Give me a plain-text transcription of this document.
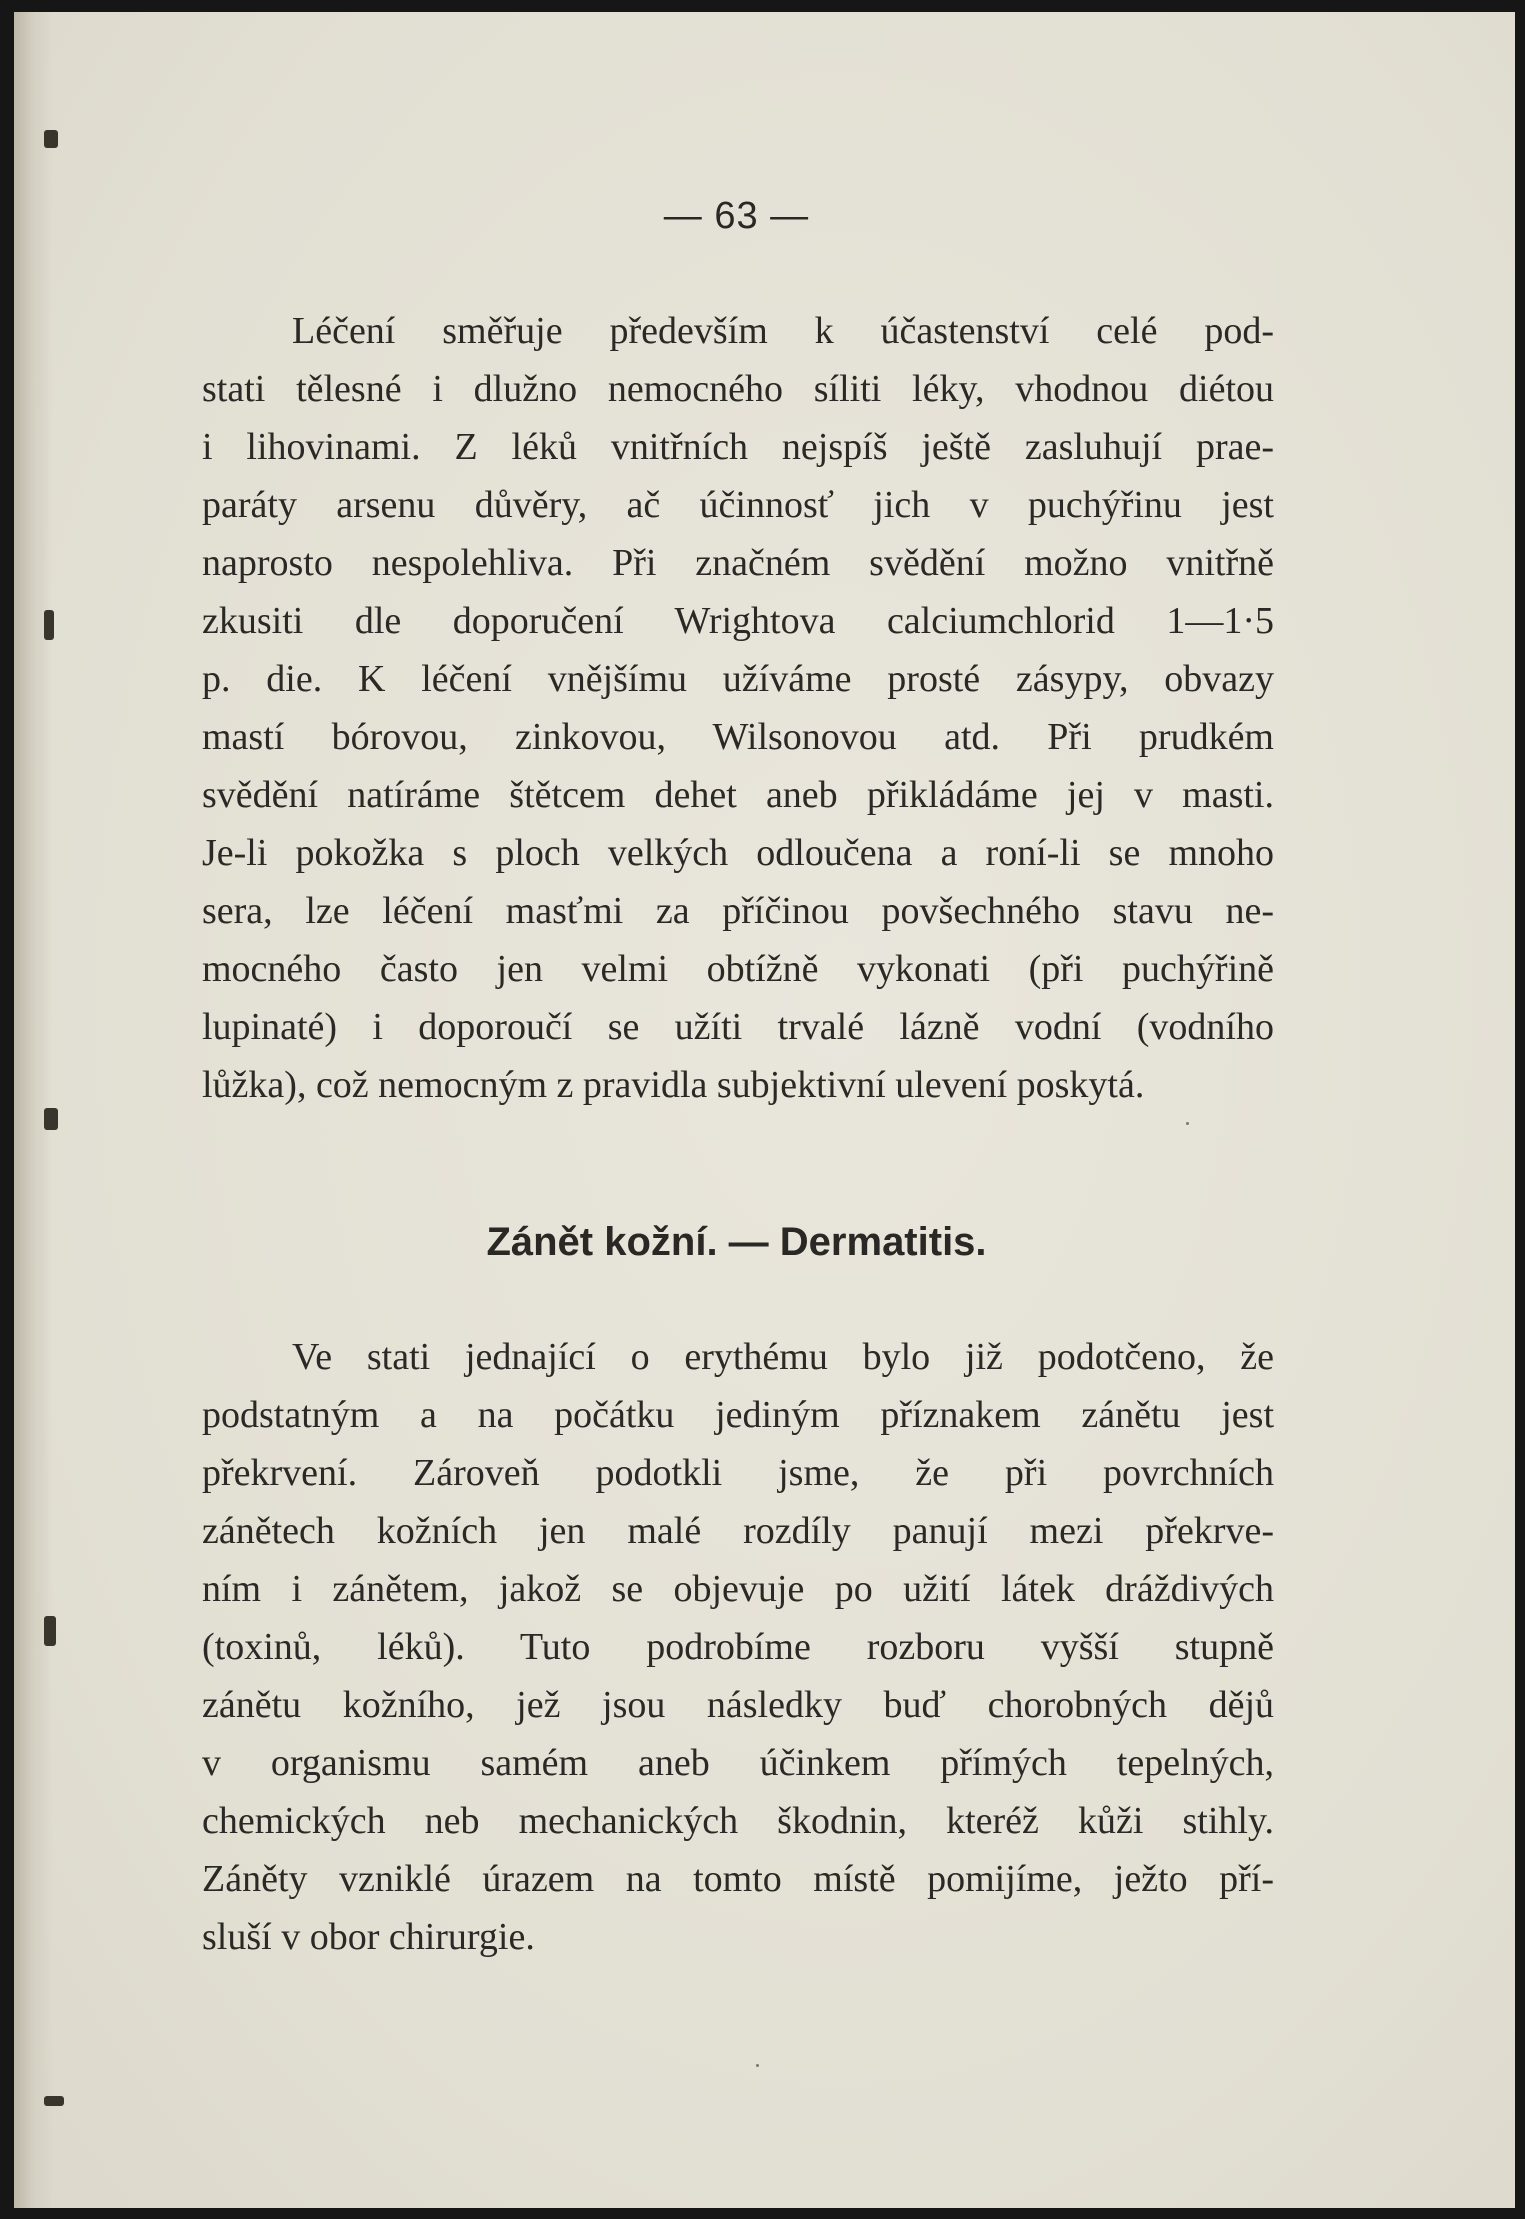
— 63 —
Léčení směřuje především k účastenství celé pod-
stati tělesné i dlužno nemocného síliti léky, vhodnou diétou
i lihovinami. Z léků vnitřních nejspíš ještě zasluhují prae-
paráty arsenu důvěry, ač účinnosť jich v puchýřinu jest
naprosto nespolehliva. Při značném svědění možno vnitřně
zkusiti dle doporučení Wrightova calciumchlorid 1—1·5
p. die. K léčení vnějšímu užíváme prosté zásypy, obvazy
mastí bórovou, zinkovou, Wilsonovou atd. Při prudkém
svědění natíráme štětcem dehet aneb přikládáme jej v masti.
Je-li pokožka s ploch velkých odloučena a roní-li se mnoho
sera, lze léčení masťmi za příčinou povšechného stavu ne-
mocného často jen velmi obtížně vykonati (při puchýřině
lupinaté) i doporoučí se užíti trvalé lázně vodní (vodního
lůžka), což nemocným z pravidla subjektivní ulevení poskytá.
Zánět kožní. — Dermatitis.
Ve stati jednající o erythému bylo již podotčeno, že
podstatným a na počátku jediným příznakem zánětu jest
překrvení. Zároveň podotkli jsme, že při povrchních
zánětech kožních jen malé rozdíly panují mezi překrve-
ním i zánětem, jakož se objevuje po užití látek dráždivých
(toxinů, léků). Tuto podrobíme rozboru vyšší stupně
zánětu kožního, jež jsou následky buď chorobných dějů
v organismu samém aneb účinkem přímých tepelných,
chemických neb mechanických škodnin, kteréž kůži stihly.
Záněty vzniklé úrazem na tomto místě pomijíme, ježto pří-
sluší v obor chirurgie.
